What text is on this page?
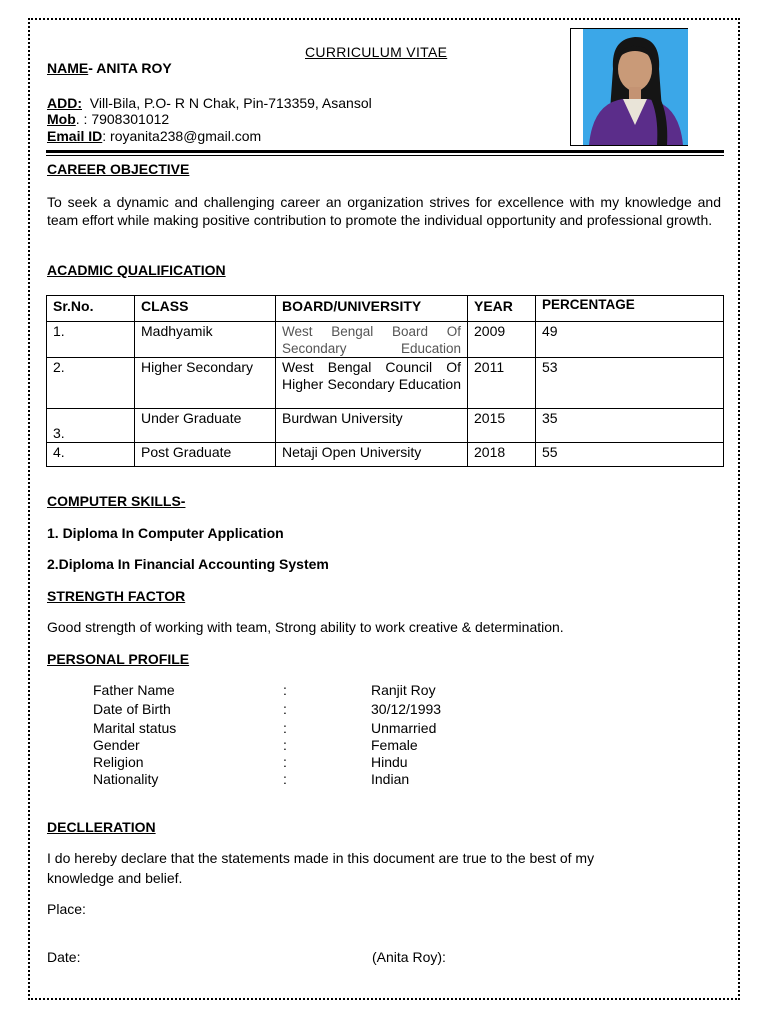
CURRICULUM VITAE
NAME- ANITA ROY
ADD: Vill-Bila, P.O- R N Chak, Pin-713359, Asansol
Mob. : 7908301012
Email ID: royanita238@gmail.com
CAREER OBJECTIVE
To seek a dynamic and challenging career an organization strives for excellence with my knowledge and team effort while making positive contribution to promote the individual opportunity and professional growth.
ACADMIC QUALIFICATION
Sr.No.	CLASS	BOARD/UNIVERSITY	YEAR	PERCENTAGE
1.	Madhyamik	West Bengal Board Of Secondary Education	2009	49
2.	Higher Secondary	West Bengal Council Of Higher Secondary Education	2011	53
3.	Under Graduate	Burdwan University	2015	35
4.	Post Graduate	Netaji Open University	2018	55
COMPUTER SKILLS-
1. Diploma In Computer Application
2.Diploma In Financial Accounting System
STRENGTH FACTOR
Good strength of working with team, Strong ability to work creative & determination.
PERSONAL PROFILE
Father Name	:	Ranjit Roy
Date of Birth	:	30/12/1993
Marital status	:	Unmarried
Gender	:	Female
Religion	:	Hindu
Nationality	:	Indian
DECLLERATION
I do hereby declare that the statements made in this document are true to the best of my
knowledge and belief.
Place:
Date:	(Anita Roy):
